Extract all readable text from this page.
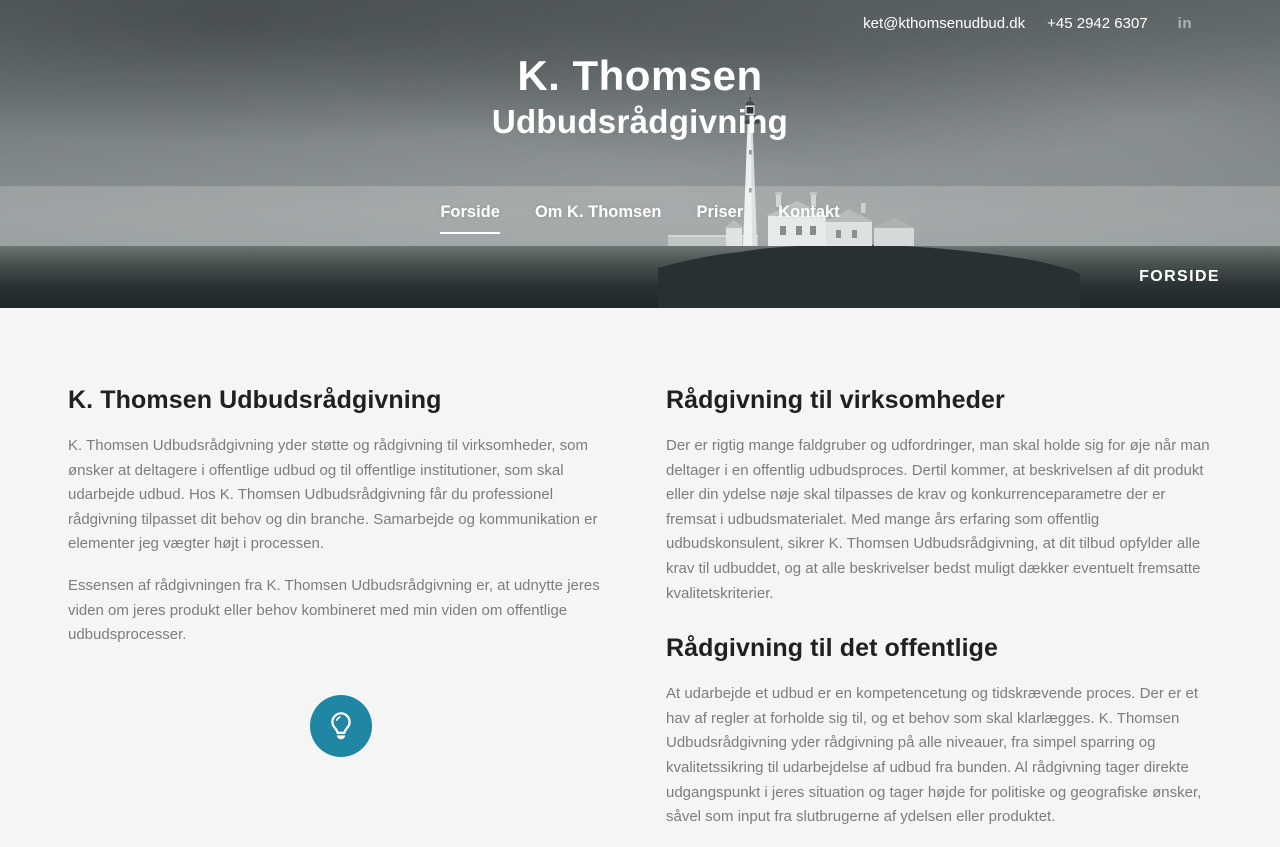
ket@kthomsenudbud.dk +45 2942 6307 in
K. Thomsen
Udbudsrådgivning
Forside Om K. Thomsen Priser Kontakt
FORSIDE
K. Thomsen Udbudsrådgivning

K. Thomsen Udbudsrådgivning yder støtte og rådgivning til virksomheder, som ønsker at deltagere i offentlige udbud og til offentlige institutioner, som skal udarbejde udbud. Hos K. Thomsen Udbudsrådgivning får du professionel rådgivning tilpasset dit behov og din branche. Samarbejde og kommunikation er elementer jeg vægter højt i processen.

Essensen af rådgivningen fra K. Thomsen Udbudsrådgivning er, at udnytte jeres viden om jeres produkt eller behov kombineret med min viden om offentlige udbudsprocesser.

Rådgivning til virksomheder

Der er rigtig mange faldgruber og udfordringer, man skal holde sig for øje når man deltager i en offentlig udbudsproces. Dertil kommer, at beskrivelsen af dit produkt eller din ydelse nøje skal tilpasses de krav og konkurrenceparametre der er fremsat i udbudsmaterialet. Med mange års erfaring som offentlig udbudskonsulent, sikrer K. Thomsen Udbudsrådgivning, at dit tilbud opfylder alle krav til udbuddet, og at alle beskrivelser bedst muligt dækker eventuelt fremsatte kvalitetskriterier.

Rådgivning til det offentlige

At udarbejde et udbud er en kompetencetung og tidskrævende proces. Der er et hav af regler at forholde sig til, og et behov som skal klarlægges. K. Thomsen Udbudsrådgivning yder rådgivning på alle niveauer, fra simpel sparring og kvalitetssikring til udarbejdelse af udbud fra bunden. Al rådgivning tager direkte udgangspunkt i jeres situation og tager højde for politiske og geografiske ønsker, såvel som input fra slutbrugerne af ydelsen eller produktet.
